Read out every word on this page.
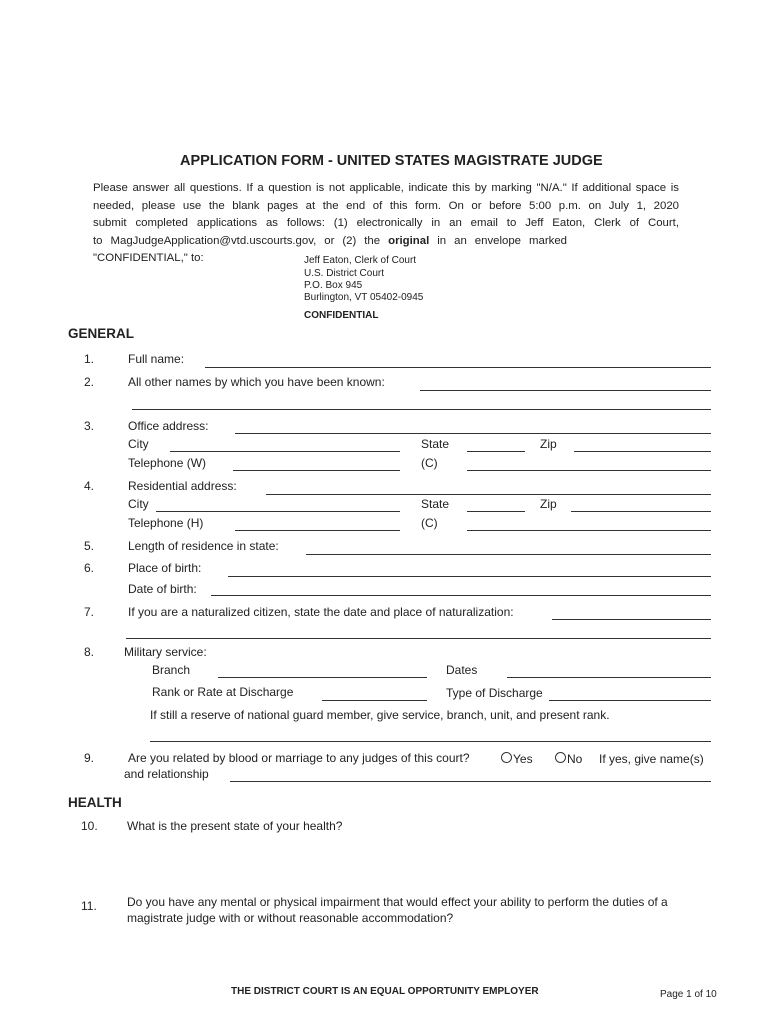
APPLICATION FORM - UNITED STATES MAGISTRATE JUDGE
Please answer all questions. If a question is not applicable, indicate this by marking "N/A." If additional space is
needed, please use the blank pages at the end of this form. On or before 5:00 p.m. on July 1, 2020
submit completed applications as follows: (1) electronically in an email to Jeff Eaton, Clerk of Court,
to MagJudgeApplication@vtd.uscourts.gov, or (2) the original in an envelope marked
"CONFIDENTIAL," to:	Jeff Eaton, Clerk of Court
U.S. District Court
P.O. Box 945
Burlington, VT 05402-0945
CONFIDENTIAL
GENERAL
1.	Full name:
2.	All other names by which you have been known:
3.	Office address:
City	State	Zip
Telephone (W)	(C)
4.	Residential address:
City	State	Zip
Telephone (H)	(C)
5.	Length of residence in state:
6.	Place of birth:
Date of birth:
7.	If you are a naturalized citizen, state the date and place of naturalization:
8. Military service:
Branch	Dates
Rank or Rate at Discharge	Type of Discharge
If still a reserve of national guard member, give service, branch, unit, and present rank.
9.	Are you related by blood or marriage to any judges of this court?	Yes	No If yes, give name(s)
and relationship
HEALTH
10. What is the present state of your health?
11.	Do you have any mental or physical impairment that would effect your ability to perform the duties of a
magistrate judge with or without reasonable accommodation?
THE DISTRICT COURT IS AN EQUAL OPPORTUNITY EMPLOYER	Page 1 of 10
